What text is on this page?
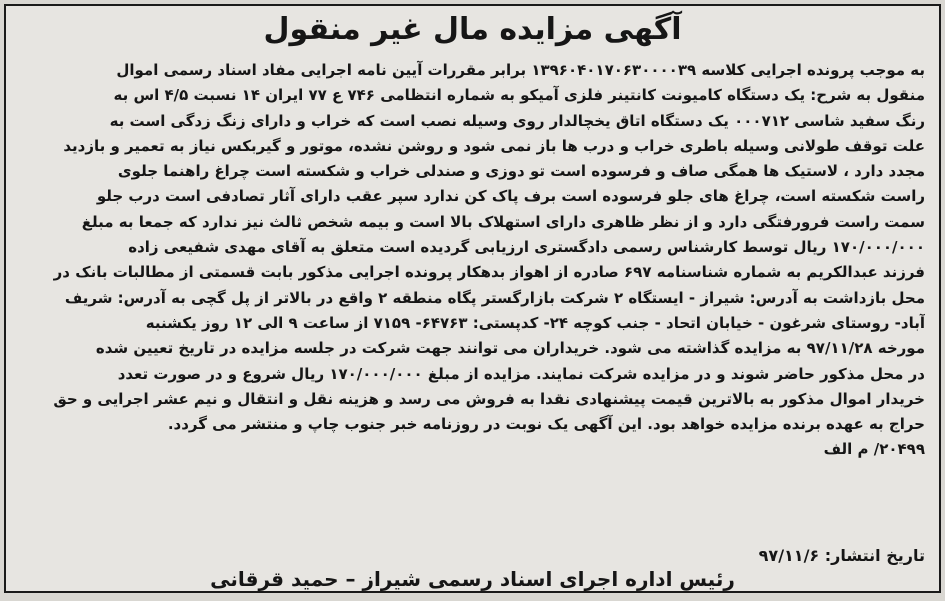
آگهی مزایده مال غیر منقول
به موجب پرونده اجرایی کلاسه ۱۳۹۶۰۴۰۱۷۰۶۳۰۰۰۰۳۹ برابر مقررات آیین نامه اجرایی مفاد اسناد رسمی اموال
منقول به شرح: یک دستگاه کامیونت کانتینر فلزی آمیکو به شماره انتظامی ۷۴۶ ع ۷۷ ایران ۱۴ نسبت ۴/۵ اس به
رنگ سفید شاسی ۰۰۰۷۱۲ یک دستگاه اتاق یخچالدار روی وسیله نصب است که خراب و دارای زنگ زدگی است به
علت توقف طولانی وسیله باطری خراب و درب ها باز نمی شود و روشن نشده، موتور و گیربکس نیاز به تعمیر و بازدید
مجدد دارد ، لاستیک ها همگی صاف و فرسوده است تو دوزی و صندلی خراب و شکسته است چراغ راهنما جلوی
راست شکسته است، چراغ های جلو فرسوده است برف پاک کن ندارد سپر عقب دارای آثار تصادفی است درب جلو
سمت راست فرورفتگی دارد و از نظر ظاهری دارای استهلاک بالا است و بیمه شخص ثالث نیز ندارد که جمعا به مبلغ
۱۷۰/۰۰۰/۰۰۰ ریال توسط کارشناس رسمی دادگستری ارزیابی گردیده است متعلق به آقای مهدی شفیعی زاده
فرزند عبدالکریم به شماره شناسنامه ۶۹۷ صادره از اهواز بدهکار پرونده اجرایی مذکور بابت قسمتی از مطالبات بانک در
محل بازداشت به آدرس: شیراز - ایستگاه ۲ شرکت بازارگستر پگاه منطقه ۲ واقع در بالاتر از پل گچی به آدرس: شریف
آباد- روستای شرغون - خیابان اتحاد - جنب کوچه ۲۴- کدپستی: ۶۴۷۶۳- ۷۱۵۹ از ساعت ۹ الی ۱۲ روز یکشنبه
مورخه ۹۷/۱۱/۲۸ به مزایده گذاشته می شود. خریداران می توانند جهت شرکت در جلسه مزایده در تاریخ تعیین شده
در محل مذکور حاضر شوند و در مزایده شرکت نمایند. مزایده از مبلغ ۱۷۰/۰۰۰/۰۰۰ ریال شروع و در صورت تعدد
خریدار اموال مذکور به بالاترین قیمت پیشنهادی نقدا به فروش می رسد و هزینه نقل و انتقال و نیم عشر اجرایی و حق
حراج به عهده برنده مزایده خواهد بود. این آگهی یک نوبت در روزنامه خبر جنوب چاپ و منتشر می گردد.
۲۰۴۹۹/ م الف
تاریخ انتشار: ۹۷/۱۱/۶
رئیس اداره اجرای اسناد رسمی شیراز – حمید قرقانی
